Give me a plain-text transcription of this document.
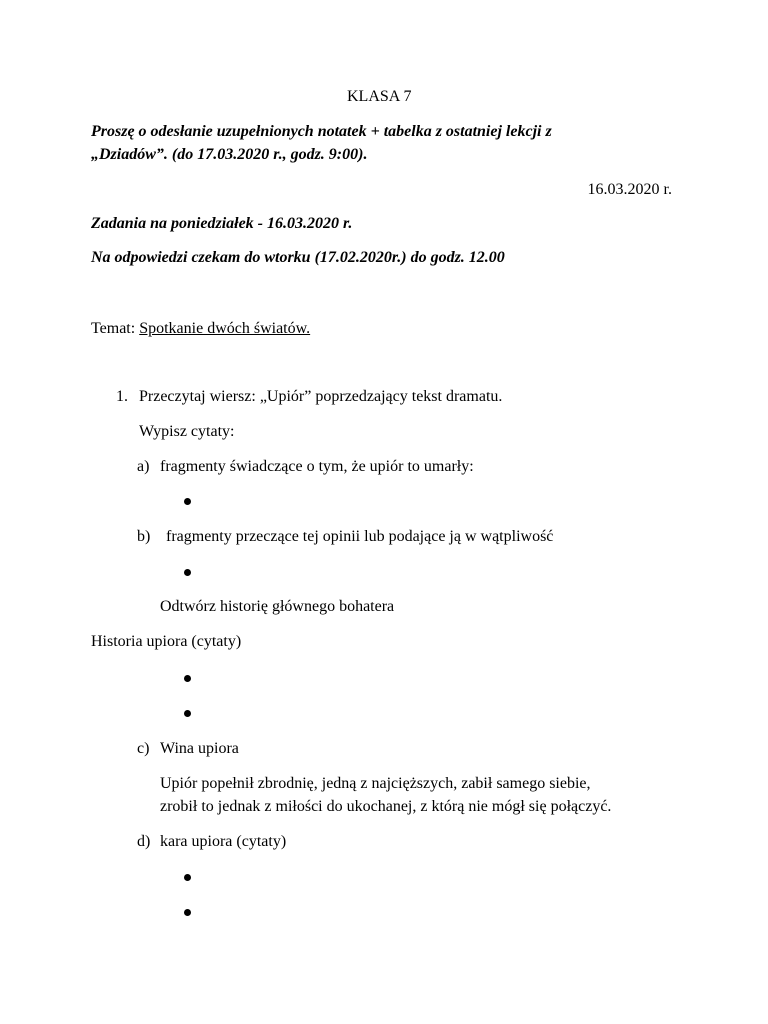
KLASA 7
Proszę o odesłanie uzupełnionych notatek + tabelka z ostatniej lekcji z
„Dziadów”. (do 17.03.2020 r., godz. 9:00).
16.03.2020 r.
Zadania na poniedziałek - 16.03.2020 r.
Na odpowiedzi czekam do wtorku (17.02.2020r.) do godz. 12.00
Temat: Spotkanie dwóch światów.
1. Przeczytaj wiersz: „Upiór” poprzedzający tekst dramatu.
Wypisz cytaty:
a) fragmenty świadczące o tym, że upiór to umarły:
b) fragmenty przeczące tej opinii lub podające ją w wątpliwość
Odtwórz historię głównego bohatera
Historia upiora (cytaty)
c) Wina upiora
Upiór popełnił zbrodnię, jedną z najcięższych, zabił samego siebie,
zrobił to jednak z miłości do ukochanej, z którą nie mógł się połączyć.
d) kara upiora (cytaty)
